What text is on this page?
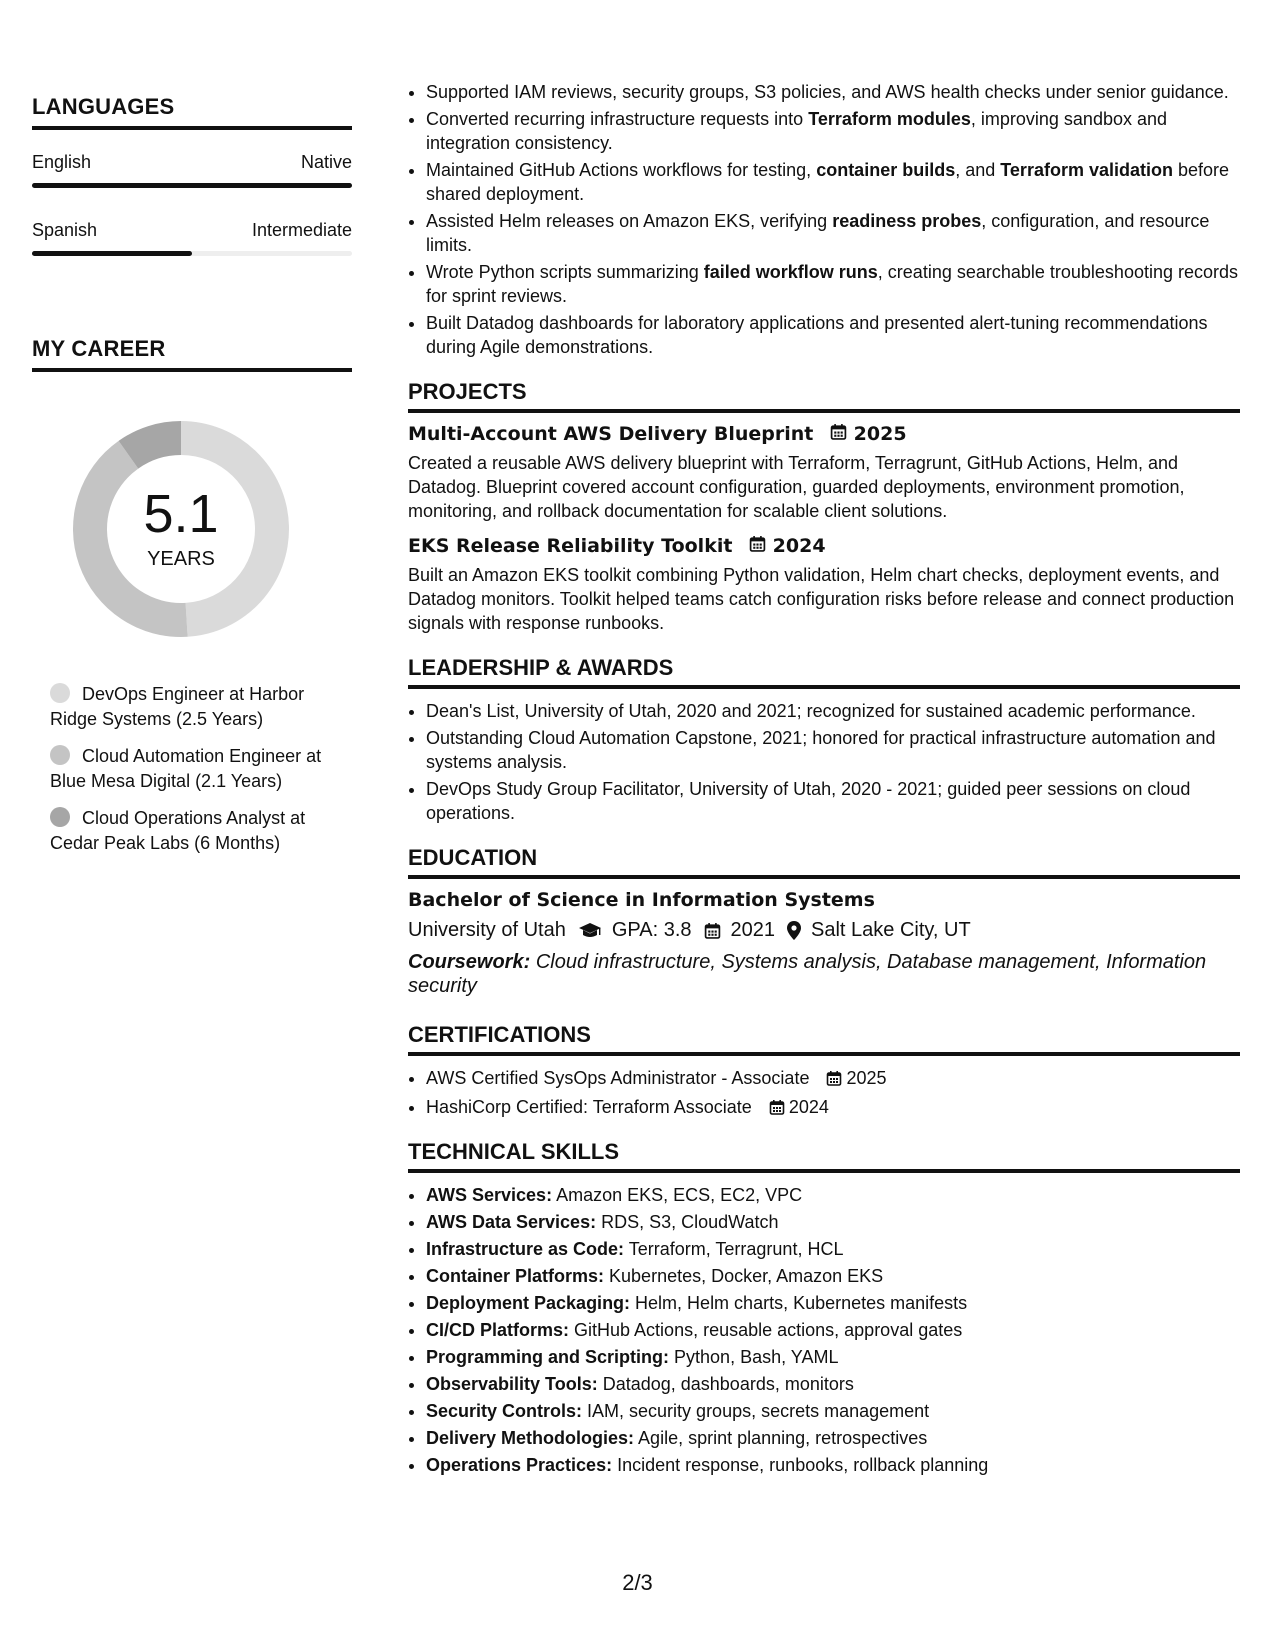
LANGUAGES
English	Native
Spanish	Intermediate
MY CAREER
5.1
YEARS
DevOps Engineer at Harbor Ridge Systems (2.5 Years)
Cloud Automation Engineer at Blue Mesa Digital (2.1 Years)
Cloud Operations Analyst at Cedar Peak Labs (6 Months)
• Supported IAM reviews, security groups, S3 policies, and AWS health checks under senior guidance.
• Converted recurring infrastructure requests into Terraform modules, improving sandbox and integration consistency.
• Maintained GitHub Actions workflows for testing, container builds, and Terraform validation before shared deployment.
• Assisted Helm releases on Amazon EKS, verifying readiness probes, configuration, and resource limits.
• Wrote Python scripts summarizing failed workflow runs, creating searchable troubleshooting records for sprint reviews.
• Built Datadog dashboards for laboratory applications and presented alert-tuning recommendations during Agile demonstrations.
PROJECTS
Multi-Account AWS Delivery Blueprint 2025

Created a reusable AWS delivery blueprint with Terraform, Terragrunt, GitHub Actions, Helm, and Datadog. Blueprint covered account configuration, guarded deployments, environment promotion, monitoring, and rollback documentation for scalable client solutions.

EKS Release Reliability Toolkit 2024

Built an Amazon EKS toolkit combining Python validation, Helm chart checks, deployment events, and Datadog monitors. Toolkit helped teams catch configuration risks before release and connect production signals with response runbooks.

LEADERSHIP & AWARDS
• Dean's List, University of Utah, 2020 and 2021; recognized for sustained academic performance.
• Outstanding Cloud Automation Capstone, 2021; honored for practical infrastructure automation and systems analysis.
• DevOps Study Group Facilitator, University of Utah, 2020 - 2021; guided peer sessions on cloud operations.
EDUCATION
Bachelor of Science in Information Systems
University of Utah GPA: 3.8 2021 Salt Lake City, UT
Coursework: Cloud infrastructure, Systems analysis, Database management, Information security
CERTIFICATIONS
• AWS Certified SysOps Administrator - Associate 2025
• HashiCorp Certified: Terraform Associate 2024
TECHNICAL SKILLS
• AWS Services: Amazon EKS, ECS, EC2, VPC
• AWS Data Services: RDS, S3, CloudWatch
• Infrastructure as Code: Terraform, Terragrunt, HCL
• Container Platforms: Kubernetes, Docker, Amazon EKS
• Deployment Packaging: Helm, Helm charts, Kubernetes manifests
• CI/CD Platforms: GitHub Actions, reusable actions, approval gates
• Programming and Scripting: Python, Bash, YAML
• Observability Tools: Datadog, dashboards, monitors
• Security Controls: IAM, security groups, secrets management
• Delivery Methodologies: Agile, sprint planning, retrospectives
• Operations Practices: Incident response, runbooks, rollback planning
2/3
